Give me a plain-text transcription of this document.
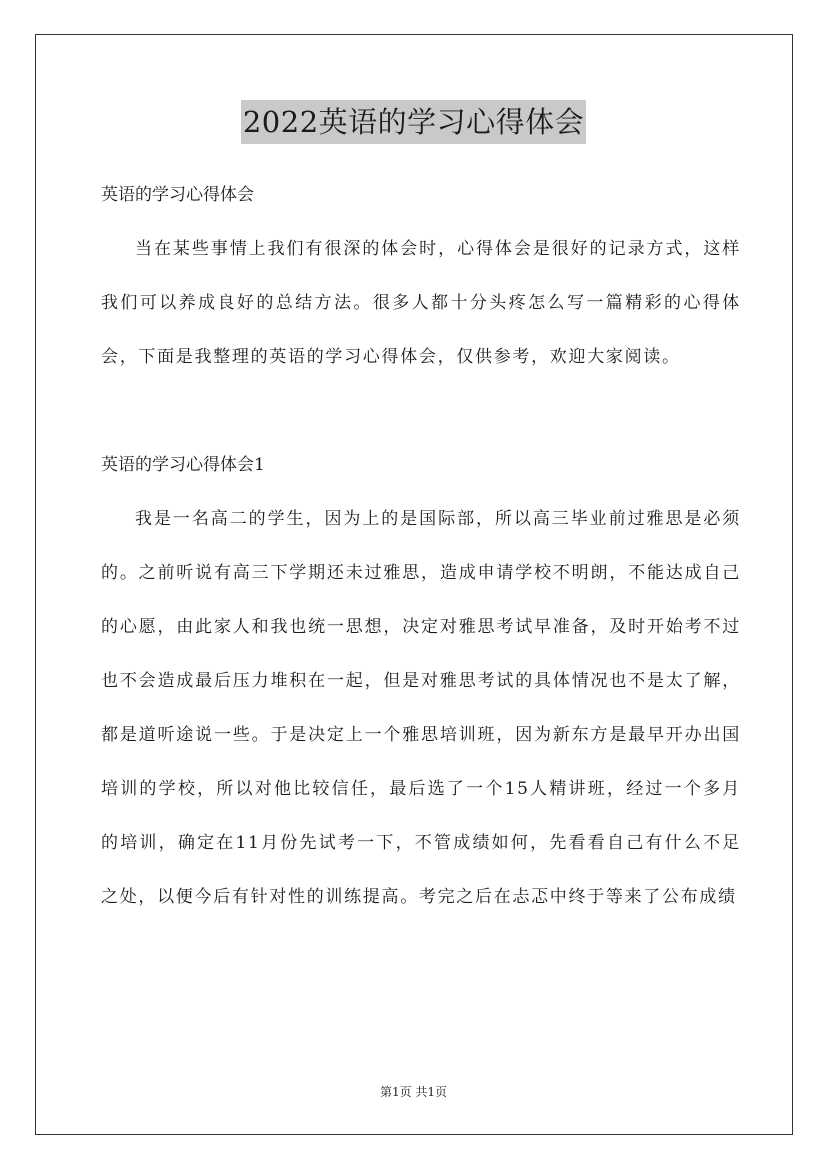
2022英语的学习心得体会

英语的学习心得体会

当在某些事情上我们有很深的体会时，心得体会是很好的记录方式，这样我们可以养成良好的总结方法。很多人都十分头疼怎么写一篇精彩的心得体会，下面是我整理的英语的学习心得体会，仅供参考，欢迎大家阅读。

英语的学习心得体会1

我是一名高二的学生，因为上的是国际部，所以高三毕业前过雅思是必须的。之前听说有高三下学期还未过雅思，造成申请学校不明朗，不能达成自己的心愿，由此家人和我也统一思想，决定对雅思考试早准备，及时开始考不过也不会造成最后压力堆积在一起，但是对雅思考试的具体情况也不是太了解，都是道听途说一些。于是决定上一个雅思培训班，因为新东方是最早开办出国培训的学校，所以对他比较信任，最后选了一个15人精讲班，经过一个多月的培训，确定在11月份先试考一下，不管成绩如何，先看看自己有什么不足之处，以便今后有针对性的训练提高。考完之后在忐忑中终于等来了公布成绩

第1页 共1页
